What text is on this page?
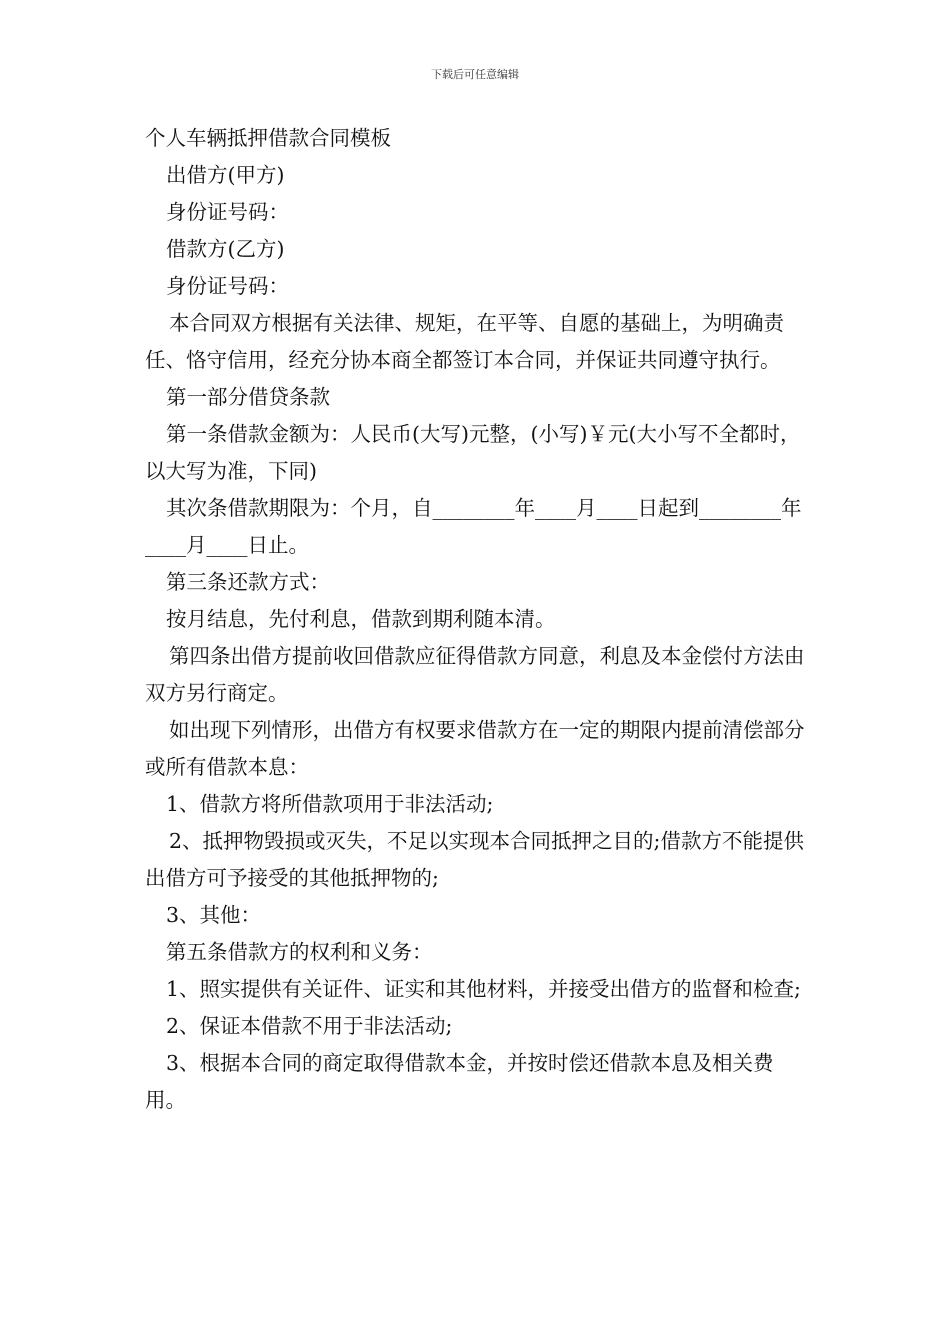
下载后可任意编辑
个人车辆抵押借款合同模板

出借方(甲方)

身份证号码：

借款方(乙方)

身份证号码：

本合同双方根据有关法律、规矩，在平等、自愿的基础上，为明确责任、恪守信用，经充分协本商全都签订本合同，并保证共同遵守执行。

第一部分借贷条款

第一条借款金额为：人民币(大写)元整，(小写)￥元(大小写不全都时，以大写为准，下同)

其次条借款期限为：个月，自________年____月____日起到________年____月____日止。

第三条还款方式：

按月结息，先付利息，借款到期利随本清。

第四条出借方提前收回借款应征得借款方同意，利息及本金偿付方法由双方另行商定。

如出现下列情形，出借方有权要求借款方在一定的期限内提前清偿部分或所有借款本息：

1、借款方将所借款项用于非法活动;

2、抵押物毁损或灭失，不足以实现本合同抵押之目的;借款方不能提供出借方可予接受的其他抵押物的;

3、其他：

第五条借款方的权利和义务：

1、照实提供有关证件、证实和其他材料，并接受出借方的监督和检查;

2、保证本借款不用于非法活动;

3、根据本合同的商定取得借款本金，并按时偿还借款本息及相关费用。
